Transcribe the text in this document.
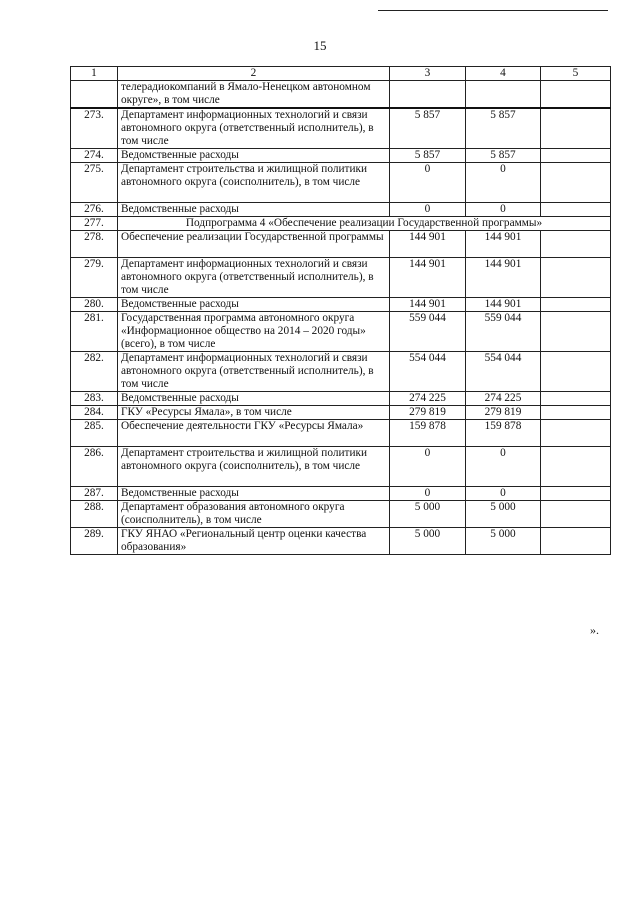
15
1	2	3	4	5
	телерадиокомпаний в Ямало-Ненецком автономном округе», в том числе			
273.	Департамент информационных технологий и связи автономного округа (ответственный исполнитель), в том числе	5 857	5 857	
274.	Ведомственные расходы	5 857	5 857	
275.	Департамент строительства и жилищной политики автономного округа (соисполнитель), в том числе	0	0	
276.	Ведомственные расходы	0	0	
277.	Подпрограмма 4 «Обеспечение реализации Государственной программы»			
278.	Обеспечение реализации Государственной программы	144 901	144 901	
279.	Департамент информационных технологий и связи автономного округа (ответственный исполнитель), в том числе	144 901	144 901	
280.	Ведомственные расходы	144 901	144 901	
281.	Государственная программа автономного округа «Информационное общество на 2014 – 2020 годы» (всего), в том числе	559 044	559 044	
282.	Департамент информационных технологий и связи автономного округа (ответственный исполнитель), в том числе	554 044	554 044	
283.	Ведомственные расходы	274 225	274 225	
284.	ГКУ «Ресурсы Ямала», в том числе	279 819	279 819	
285.	Обеспечение деятельности ГКУ «Ресурсы Ямала»	159 878	159 878	
286.	Департамент строительства и жилищной политики автономного округа (соисполнитель), в том числе	0	0	
287.	Ведомственные расходы	0	0	
288.	Департамент образования автономного округа (соисполнитель), в том числе	5 000	5 000	
289.	ГКУ ЯНАО «Региональный центр оценки качества образования»	5 000	5 000	
».
